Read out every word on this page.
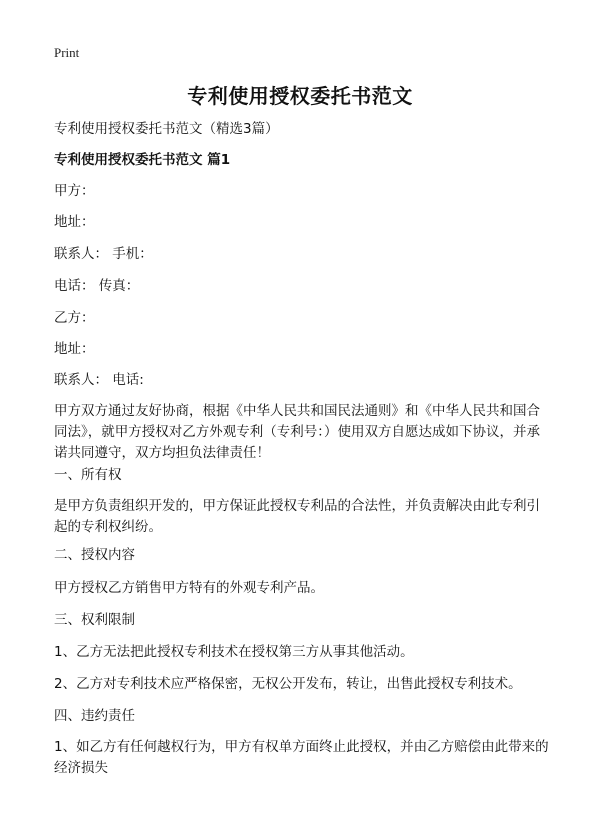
Print
专利使用授权委托书范文
专利使用授权委托书范文（精选3篇）
专利使用授权委托书范文 篇1
甲方：
地址：
联系人： 手机：
电话： 传真：
乙方：
地址：
联系人： 电话:
甲方双方通过友好协商，根据《中华人民共和国民法通则》和《中华人民共和国合同法》，就甲方授权对乙方外观专利（专利号：）使用双方自愿达成如下协议，并承诺共同遵守，双方均担负法律责任！
一、所有权
是甲方负责组织开发的，甲方保证此授权专利品的合法性，并负责解决由此专利引起的专利权纠纷。
二、授权内容
甲方授权乙方销售甲方特有的外观专利产品。
三、权利限制
1、乙方无法把此授权专利技术在授权第三方从事其他活动。
2、乙方对专利技术应严格保密，无权公开发布，转让，出售此授权专利技术。
四、违约责任
1、如乙方有任何越权行为，甲方有权单方面终止此授权，并由乙方赔偿由此带来的经济损失
